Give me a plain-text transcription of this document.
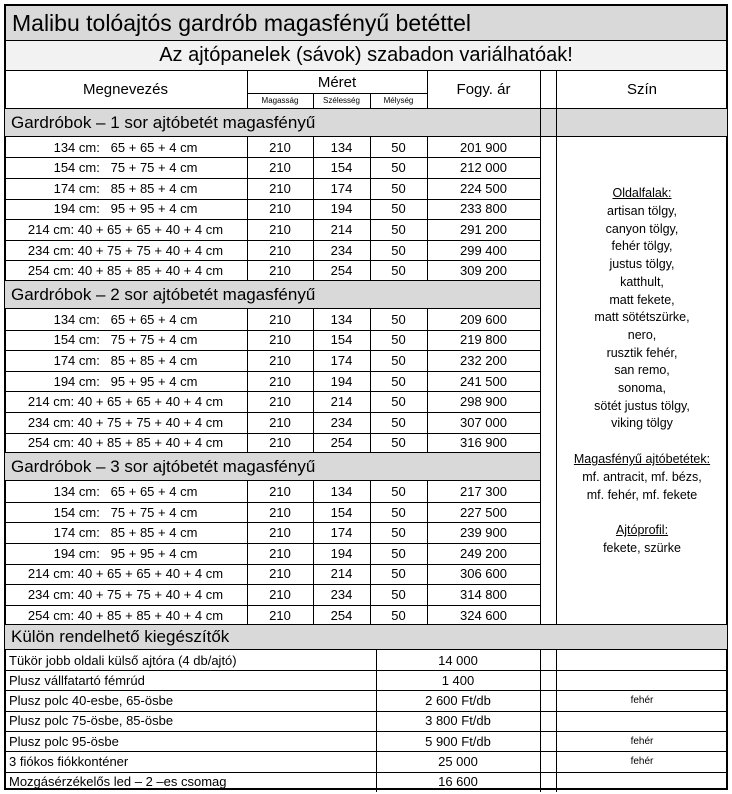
Malibu tolóajtós gardrób magasfényű betéttel
Az ajtópanelek (sávok) szabadon variálhatóak!
Megnevezés	Méret
Magasság	Szélesség	Mélység
Fogy. ár	Szín
Gardróbok – 1 sor ajtóbetét magasfényű
134 cm:   65 + 65 + 4 cm	210	134	50	201 900
154 cm:   75 + 75 + 4 cm	210	154	50	212 000
174 cm:   85 + 85 + 4 cm	210	174	50	224 500
194 cm:   95 + 95 + 4 cm	210	194	50	233 800
214 cm: 40 + 65 + 65 + 40 + 4 cm	210	214	50	291 200
234 cm: 40 + 75 + 75 + 40 + 4 cm	210	234	50	299 400
254 cm: 40 + 85 + 85 + 40 + 4 cm	210	254	50	309 200
Gardróbok – 2 sor ajtóbetét magasfényű
134 cm:   65 + 65 + 4 cm	210	134	50	209 600
154 cm:   75 + 75 + 4 cm	210	154	50	219 800
174 cm:   85 + 85 + 4 cm	210	174	50	232 200
194 cm:   95 + 95 + 4 cm	210	194	50	241 500
214 cm: 40 + 65 + 65 + 40 + 4 cm	210	214	50	298 900
234 cm: 40 + 75 + 75 + 40 + 4 cm	210	234	50	307 000
254 cm: 40 + 85 + 85 + 40 + 4 cm	210	254	50	316 900
Gardróbok – 3 sor ajtóbetét magasfényű
134 cm:   65 + 65 + 4 cm	210	134	50	217 300
154 cm:   75 + 75 + 4 cm	210	154	50	227 500
174 cm:   85 + 85 + 4 cm	210	174	50	239 900
194 cm:   95 + 95 + 4 cm	210	194	50	249 200
214 cm: 40 + 65 + 65 + 40 + 4 cm	210	214	50	306 600
234 cm: 40 + 75 + 75 + 40 + 4 cm	210	234	50	314 800
254 cm: 40 + 85 + 85 + 40 + 4 cm	210	254	50	324 600
Oldalfalak:
artisan tölgy,
canyon tölgy,
fehér tölgy,
justus tölgy,
katthult,
matt fekete,
matt sötétszürke,
nero,
rusztik fehér,
san remo,
sonoma,
sötét justus tölgy,
viking tölgy
Magasfényű ajtóbetétek:
mf. antracit, mf. bézs,
mf. fehér, mf. fekete
Ajtóprofil:
fekete, szürke
Külön rendelhető kiegészítők
Tükör jobb oldali külső ajtóra (4 db/ajtó)	14 000
Plusz vállfatartó fémrúd	1 400
Plusz polc 40-esbe, 65-ösbe	2 600 Ft/db	fehér
Plusz polc 75-ösbe, 85-ösbe	3 800 Ft/db
Plusz polc 95-ösbe	5 900 Ft/db	fehér
3 fiókos fiókkonténer	25 000	fehér
Mozgásérzékelős led – 2 –es csomag	16 600
